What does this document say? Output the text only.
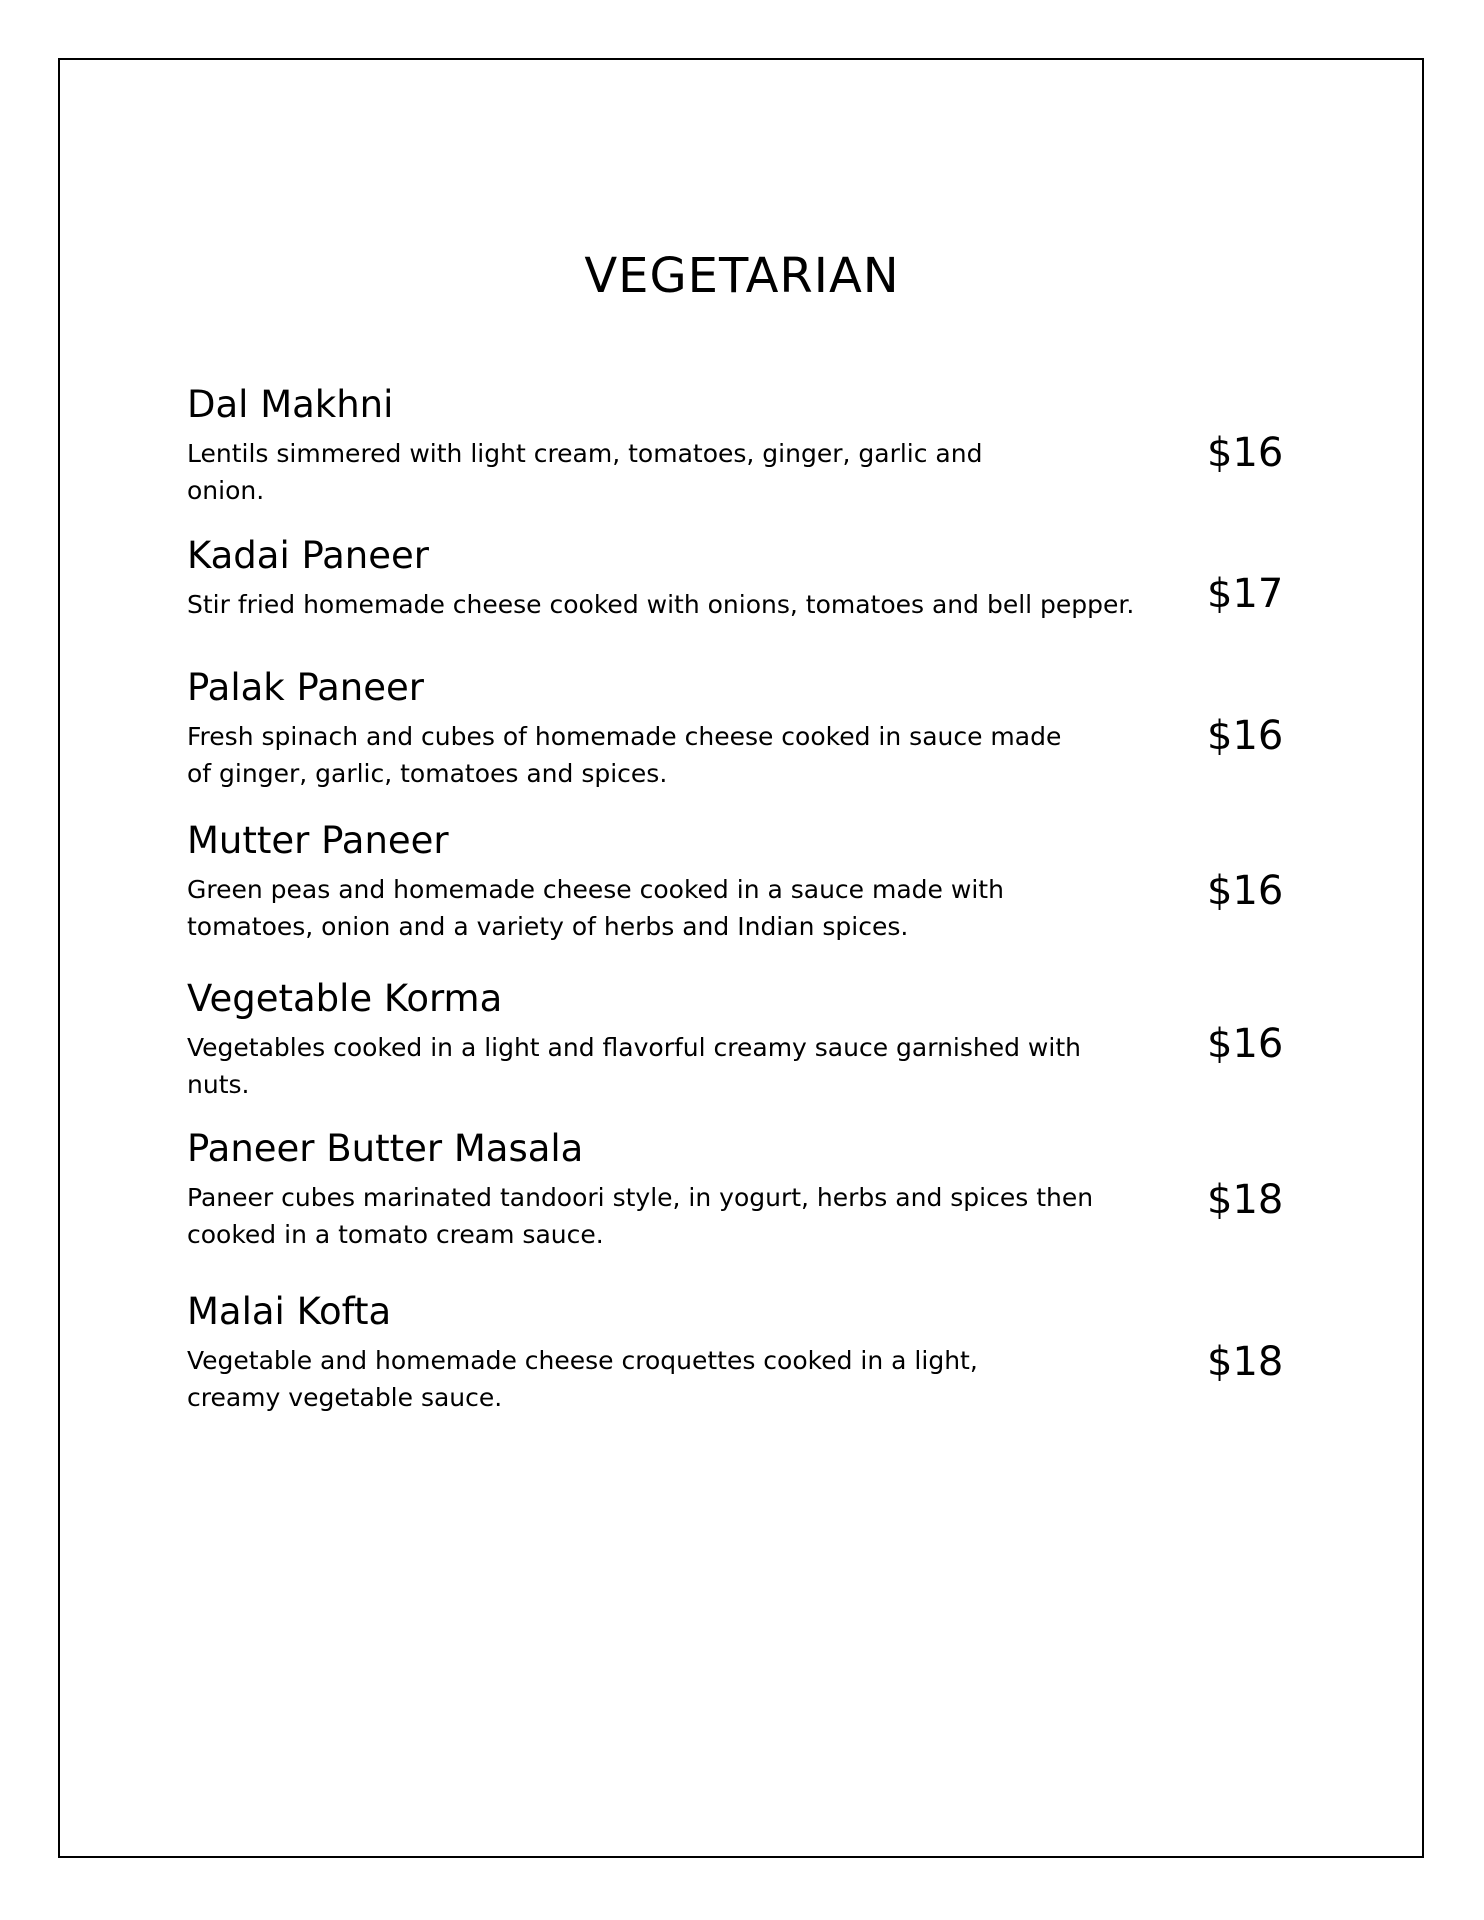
VEGETARIAN
Dal Makhni
Lentils simmered with light cream, tomatoes, ginger, garlic and onion.
$16
Kadai Paneer
Stir fried homemade cheese cooked with onions, tomatoes and bell pepper.	$17
Palak Paneer
Fresh spinach and cubes of homemade cheese cooked in sauce made of ginger, garlic, tomatoes and spices.
$16
Mutter Paneer
Green peas and homemade cheese cooked in a sauce made with tomatoes, onion and a variety of herbs and Indian spices.
$16
Vegetable Korma
Vegetables cooked in a light and flavorful creamy sauce garnished with nuts.
$16
Paneer Butter Masala
Paneer cubes marinated tandoori style, in yogurt, herbs and spices then cooked in a tomato cream sauce.
$18
Malai Kofta
Vegetable and homemade cheese croquettes cooked in a light, creamy vegetable sauce.
$18
